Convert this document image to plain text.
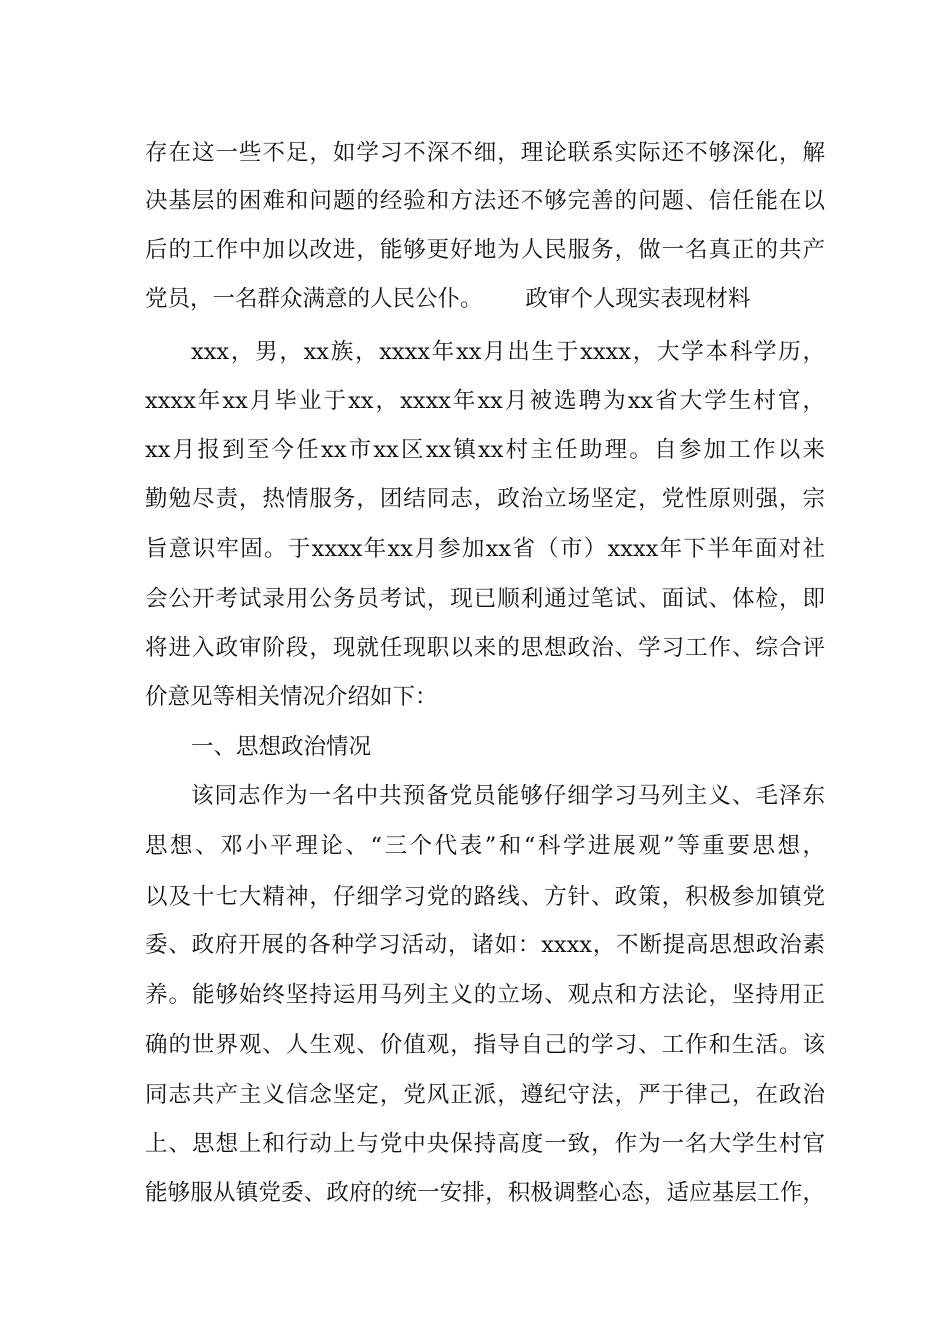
存在这一些不足，如学习不深不细，理论联系实际还不够深化，解
决基层的困难和问题的经验和方法还不够完善的问题、信任能在以
后的工作中加以改进，能够更好地为人民服务，做一名真正的共产
党员，一名群众满意的人民公仆。      政审个人现实表现材料
xxx，男，xx族，xxxx年xx月出生于xxxx，大学本科学历，
xxxx年xx月毕业于xx，xxxx年xx月被选聘为xx省大学生村官，
xx月报到至今任xx市xx区xx镇xx村主任助理。自参加工作以来
勤勉尽责，热情服务，团结同志，政治立场坚定，党性原则强，宗
旨意识牢固。于xxxx年xx月参加xx省（市）xxxx年下半年面对社
会公开考试录用公务员考试，现已顺利通过笔试、面试、体检，即
将进入政审阶段，现就任现职以来的思想政治、学习工作、综合评
价意见等相关情况介绍如下：
一、思想政治情况
该同志作为一名中共预备党员能够仔细学习马列主义、毛泽东
思想、邓小平理论、“三个代表”和“科学进展观”等重要思想，
以及十七大精神，仔细学习党的路线、方针、政策，积极参加镇党
委、政府开展的各种学习活动，诸如：xxxx，不断提高思想政治素
养。能够始终坚持运用马列主义的立场、观点和方法论，坚持用正
确的世界观、人生观、价值观，指导自己的学习、工作和生活。该
同志共产主义信念坚定，党风正派，遵纪守法，严于律己，在政治
上、思想上和行动上与党中央保持高度一致，作为一名大学生村官
能够服从镇党委、政府的统一安排，积极调整心态，适应基层工作，
